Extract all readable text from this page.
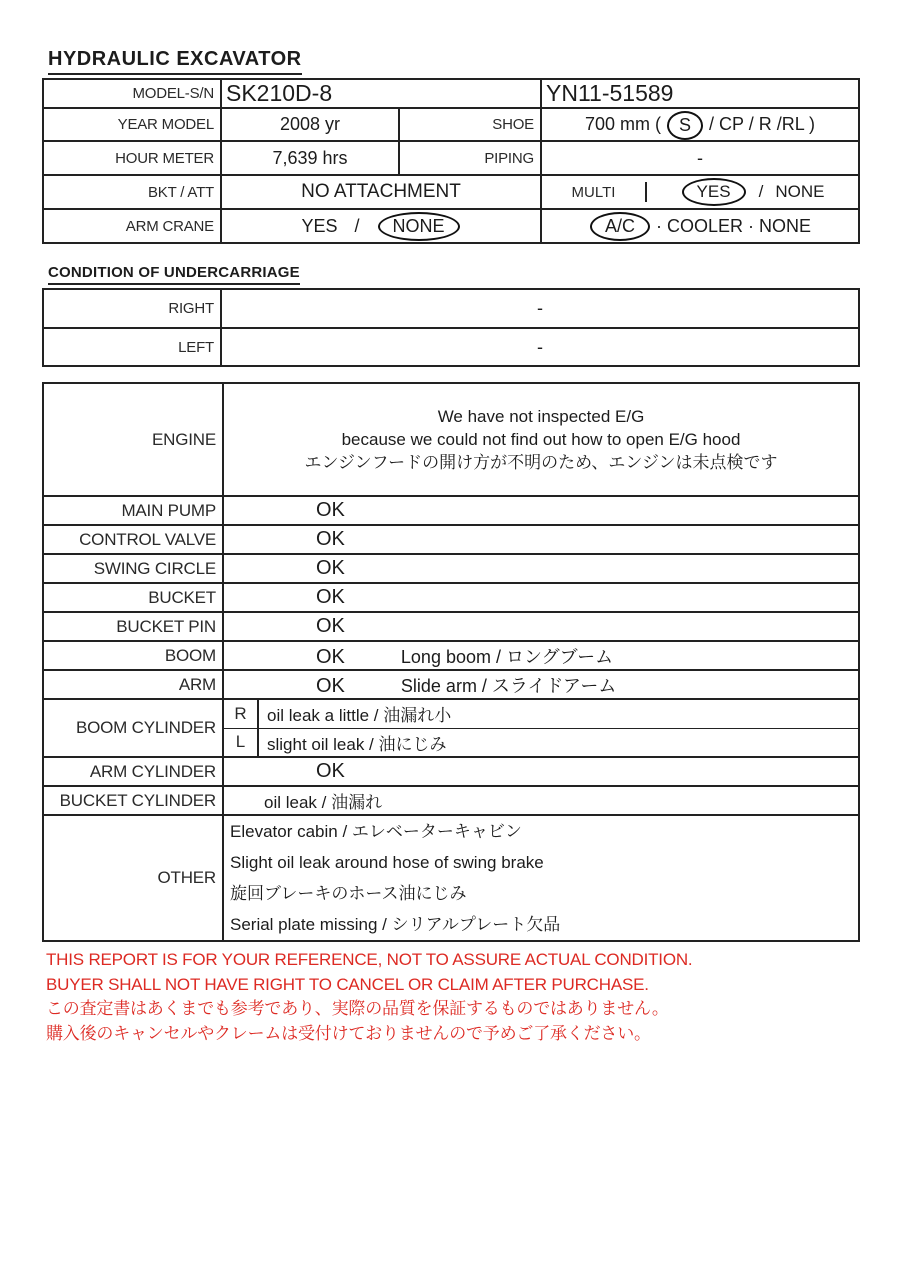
HYDRAULIC EXCAVATOR
MODEL-S/N	SK210D-8		YN11-51589
YEAR MODEL	2008 yr	SHOE	700 mm ( S / CP / R /RL )
HOUR METER	7,639 hrs	PIPING	-
BKT / ATT	NO ATTACHMENT		MULTI YES / NONE

ARM CRANE	YES / NONE		A/C · COOLER · NONE
CONDITION OF UNDERCARRIAGE
RIGHT	-
LEFT	-
ENGINE	We have not inspected E/G
because we could not find out how to open E/G hood
エンジンフードの開け方が不明のため、エンジンは未点検です	

MAIN PUMP	OK	
CONTROL VALVE	OK	
SWING CIRCLE	OK	
BUCKET	OK	
BUCKET PIN	OK	
BOOM	OK Long boom / ロングブーム	
ARM	OK Slide arm / スライドアーム	
BOOM CYLINDER	R	oil leak a little / 油漏れ小
	L	slight oil leak / 油にじみ
ARM CYLINDER	OK	
BUCKET CYLINDER	oil leak / 油漏れ	
OTHER	Elevator cabin / エレベーターキャビン
Slight oil leak around hose of swing brake
旋回ブレーキのホース油にじみ
Serial plate missing / シリアルプレート欠品	
THIS REPORT IS FOR YOUR REFERENCE, NOT TO ASSURE ACTUAL CONDITION.
BUYER SHALL NOT HAVE RIGHT TO CANCEL OR CLAIM AFTER PURCHASE.
この査定書はあくまでも参考であり、実際の品質を保証するものではありません。
購入後のキャンセルやクレームは受付けておりませんので予めご了承ください。
